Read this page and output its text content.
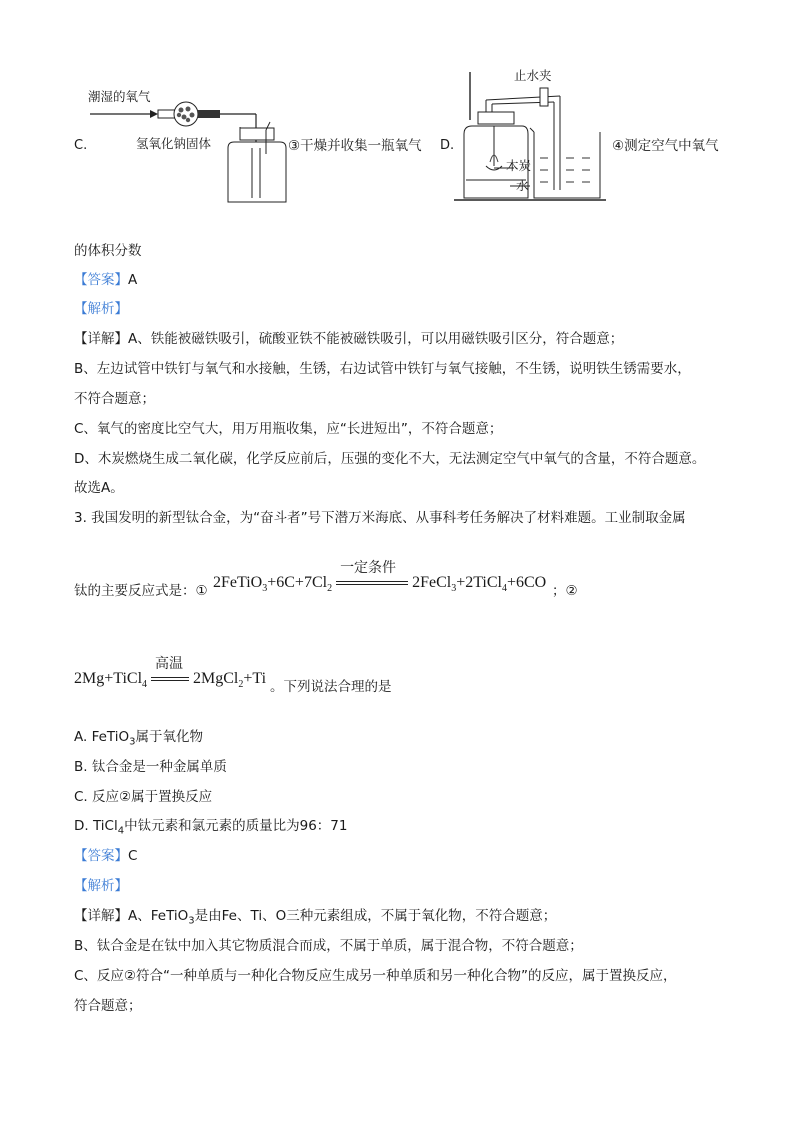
C.
潮湿的氧气
氢氧化钠固体	③干燥并收集一瓶氧气 D.
止水夹
木炭
水
④测定空气中氧气
的体积分数
【答案】A
【解析】
【详解】A、铁能被磁铁吸引，硫酸亚铁不能被磁铁吸引，可以用磁铁吸引区分，符合题意；
B、左边试管中铁钉与氧气和水接触，生锈，右边试管中铁钉与氧气接触，不生锈，说明铁生锈需要水，
不符合题意；
C、氧气的密度比空气大，用万用瓶收集，应“长进短出”，不符合题意；
D、木炭燃烧生成二氧化碳，化学反应前后，压强的变化不大，无法测定空气中氧气的含量，不符合题意。
故选A。
3. 我国发明的新型钛合金，为“奋斗者”号下潜万米海底、从事科考任务解决了材料难题。工业制取金属
钛的主要反应式是：① $2FeTiO_3+6C+7Cl_2$
一定条件
2FeCl$_3$+2TiCl$_4$+6CO ；②
2Mg+TiCl$_4$
高温
2MgCl$_2$+Ti 。下列说法合理的是
A. FeTiO$_3$属于氧化物
B. 钛合金是一种金属单质
C. 反应②属于置换反应
D. TiCl$_4$中钛元素和氯元素的质量比为96：71
【答案】C
【解析】
【详解】A、FeTiO$_3$是由Fe、Ti、O三种元素组成，不属于氧化物，不符合题意；
B、钛合金是在钛中加入其它物质混合而成，不属于单质，属于混合物，不符合题意；
C、反应②符合“一种单质与一种化合物反应生成另一种单质和另一种化合物”的反应，属于置换反应，
符合题意；
